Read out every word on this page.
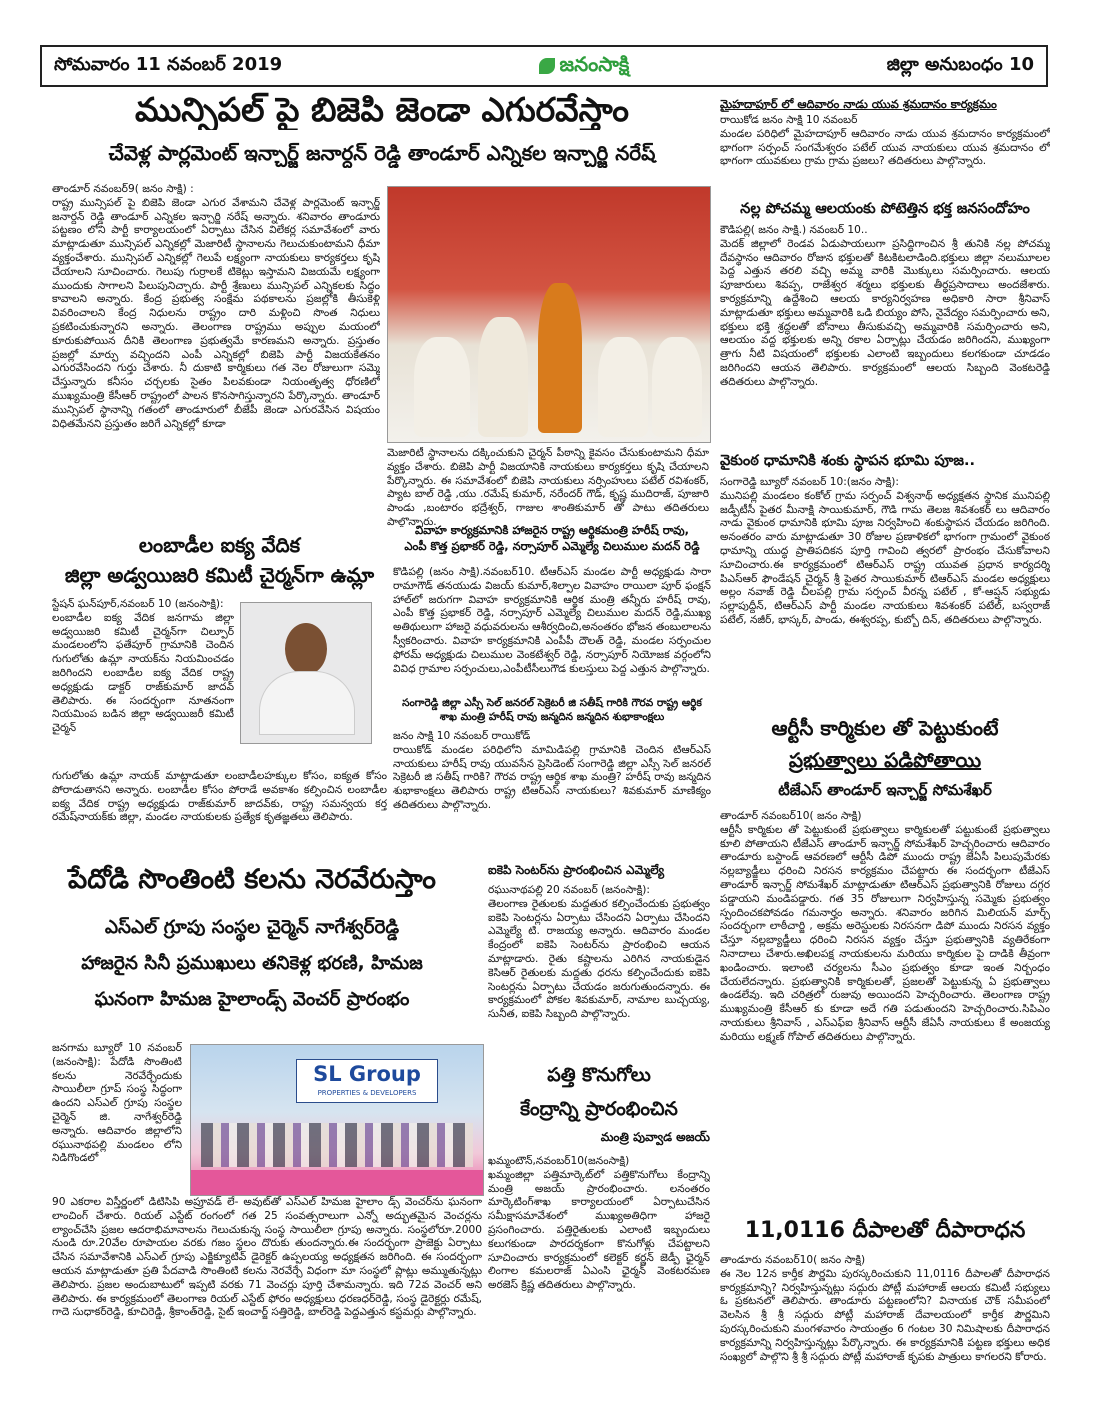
సోమవారం 11 నవంబర్ 2019	జనంసాక్షి	జిల్లా అనుబంధం 10

మున్సిపల్ పై బిజెపి జెండా ఎగురవేస్తాం

చేవెళ్ల పార్లమెంట్ ఇన్చార్జ్ జనార్దన్ రెడ్డి తాండూర్ ఎన్నికల ఇన్చార్జి నరేష్

తాండూర్ నవంబర్9( జనం సాక్షి) :

రాష్ట్ర మున్సిపల్ పై బిజెపి జెండా ఎగుర వేశామని చేవెళ్ల పార్లమెంట్ ఇన్చార్జ్ జనార్దన్ రెడ్డి తాండూర్ ఎన్నికల ఇన్చార్జి నరేష్ అన్నారు. శనివారం తాండూరు పట్టణం లోని పార్టీ కార్యాలయంలో ఏర్పాటు చేసిన విలేకర్ల సమావేశంలో వారు మాట్లాడుతూ మున్సిపల్ ఎన్నికల్లో మెజారిటీ స్థానాలను గెలుచుకుంటామని ధీమా వ్యక్తంచేశారు. మున్సిపల్ ఎన్నికల్లో గెలుపే లక్ష్యంగా నాయకులు కార్యకర్తలు కృషి చేయాలని సూచించారు. గెలుపు గుర్రాలకే టికెట్లు ఇస్తామని విజయమే లక్ష్యంగా ముందుకు సాగాలని పిలుపునిచ్చారు. పార్టీ శ్రేణులు మున్సిపల్ ఎన్నికలకు సిద్ధం కావాలని అన్నారు. కేంద్ర ప్రభుత్వ సంక్షేమ పథకాలను ప్రజల్లోకి తీసుకెళ్లి వివరించాలని కేంద్ర నిధులను రాష్ట్రం దారి మళ్లించి సొంత నిధులు ప్రకటించుకున్నారని అన్నారు. తెలంగాణ రాష్ట్రము అప్పుల మయంలో కూరుకుపోయిన దీనికి తెలంగాణ ప్రభుత్వమే కారణమని అన్నారు. ప్రస్తుతం ప్రజల్లో మార్పు వచ్చిందని ఎంపీ ఎన్నికల్లో బిజెపి పార్టీ విజయకేతనం ఎగురవేసిందని గుర్తు చేశారు. నీ దుకాటి కార్మికులు గత నెల రోజులుగా సమ్మె చేస్తున్నారు కనీసం చర్చలకు సైతం పిలవకుండా నియంతృత్వ ధోరణిలో ముఖ్యమంత్రి కేసీఆర్ రాష్ట్రంలో పాలన కొనసాగిస్తున్నారని పేర్కొన్నారు. తాండూర్ మున్సిపల్ స్థానాన్ని గతంలో తాండూరులో బీజేపీ జెండా ఎగురవేసిన విషయం విధితమేనని ప్రస్తుతం జరిగే ఎన్నికల్లో కూడా

మెజారిటీ స్థానాలను దక్కించుకుని చైర్మన్ పీఠాన్ని కైవసం చేసుకుంటామని ధీమా వ్యక్తం చేశారు. బిజెపి పార్టీ విజయానికి నాయకులు కార్యకర్తలు కృషి చేయాలని పేర్కొన్నారు. ఈ సమావేశంలో బిజెపి నాయకులు నర్సింహులు పటేల్ రవిశంకర్, ప్యాట బాల్ రెడ్డి ,యు .రమేష్ కుమార్, నరేందర్ గౌడ్, కృష్ణ ముదిరాజ్, పూజారి పాండు ,బంటారం భద్రేశ్వర్, గాజుల శాంతికుమార్ తో పాటు తదితరులు పాల్గొన్నారు.

లంబాడీల ఐక్య వేదిక

జిల్లా అడ్వయిజరి కమిటీ చైర్మన్‌గా ఉమ్లా

స్టేషన్ ఘన్‌పూర్,నవంబర్ 10 (జనంసాక్షి):

లంబాడీల ఐక్య వేదిక జనగామ జిల్లా అడ్వయిజరి కమిటీ చైర్మన్‌గా చిల్పూర్ మండలంలోని ఫతేపూర్ గ్రామానికి చెందిన గుగులోతు ఉమ్లా నాయక్‌ను నియమించడం జరిగిందని లంబాడీల ఐక్య వేదిక రాష్ట్ర అధ్యక్షుడు డాక్టర్ రాజ్‌కుమార్ జాదవ్ తెలిపారు. ఈ సందర్భంగా నూతనంగా నియమింప బడిన జిల్లా అడ్వయిజరీ కమిటీ చైర్మన్

గుగులోతు ఉమ్లా నాయక్ మాట్లాడుతూ లంబాడీలహక్కుల కోసం, ఐక్యత కోసం పోరాడుతానని అన్నారు. లంబాడీల కోసం పోరాడే అవకాశం కల్పించిన లంబాడీల ఐక్య వేదిక రాష్ట్ర అధ్యక్షుడు రాజ్‌కుమార్ జాదవ్‌కు, రాష్ట్ర సమన్వయ కర్త రమేష్‌నాయక్‌కు జిల్లా, మండల నాయకులకు ప్రత్యేక కృతజ్ఞతలు తెలిపారు.

వివాహ కార్యక్రమానికి హాజరైన రాష్ట్ర ఆర్థికమంత్రి హరీష్ రావు,

ఎంపీ కొత్త ప్రభాకర్ రెడ్డి, నర్సాపూర్ ఎమ్మెల్యే చిలుముల మదన్ రెడ్డి

కొడిపల్లి (జనం సాక్షి).నవంబర్10. టీఆర్ఎస్ మండల పార్టీ అధ్యక్షుడు సారా రామాగౌడ్ తనయుడు విజయ్ కుమార్,శిల్పాల వివాహం రాయిలా పూర్ ఫంక్షన్ హాల్‌లో జరుగగా వివాహ కార్యక్రమానికి ఆర్థిక మంత్రి తన్నీరు హరీష్ రావు, ఎంపీ కొత్త ప్రభాకర్ రెడ్డి, నర్సాపూర్ ఎమ్మెల్యే చిలుముల మదన్ రెడ్డి,ముఖ్య అతిథులుగా హాజరై వధువరులను ఆశీర్వదించి,అనంతరం భోజన తంబులాలను స్వీకరించారు. వివాహ కార్యక్రమానికి ఎంపీపీ దౌలత్ రెడ్డి, మండల సర్పంచుల ఫోరమ్ అధ్యక్షుడు చిలుముల వెంకటేశ్వర్ రెడ్డి, నర్సాపూర్ నియోజక వర్గంలోని వివిధ గ్రామాల సర్పంచులు,ఎంపీటీసీలుగౌడ కులస్తులు పెద్ద ఎత్తున పాల్గొన్నారు.

సంగారెడ్డి జిల్లా ఎస్సీ సెల్ జనరల్ సెక్రెటరీ జి సతీష్ గారికి గౌరవ రాష్ట్ర ఆర్థిక శాఖ మంత్రి హరీష్ రావు జన్మదిన జన్మదిన శుభాకాంక్షలు

జనం సాక్షి 10 నవంబర్ రాయికోడ్

రాయికోడ్ మండల పరిధిలోని మామిడిపల్లి గ్రామానికి చెందిన టిఆర్ఎస్ నాయకులు హరీష్ రావు యువసేన ప్రెసిడెంట్ సంగారెడ్డి జిల్లా ఎస్సీ సెల్ జనరల్ సెక్రెటరీ జి సతీష్ గారికి? గౌరవ రాష్ట్ర ఆర్థిక శాఖ మంత్రి? హరీష్ రావు జన్మదిన శుభాకాంక్షలు తెలిపారు రాష్ట్ర టిఆర్ఎస్ నాయకులు? శివకుమార్ మాణిక్యం తదితరులు పాల్గొన్నారు.

పేదోడి సొంతింటి కలను నెరవేరుస్తాం

ఎస్ఎల్ గ్రూపు సంస్థల చైర్మెన్ నాగేశ్వర్‌రెడ్డి

హాజరైన సినీ ప్రముఖులు తనికెళ్ల భరణి, హిమజ

ఘనంగా హిమజ హైలాండ్స్ వెంచర్ ప్రారంభం

జనగామ బ్యూరో 10 నవంబర్ (జనంసాక్షి): పేదోడి సొంతింటి కలను నెరవేర్చేందుకు సాయిలీలా గ్రూప్ సంస్థ సిద్ధంగా ఉందని ఎస్ఎల్ గ్రూపు సంస్థల చైర్మెన్ జి. నాగేశ్వర్‌రెడ్డి అన్నారు. ఆదివారం జిల్లాలోని రఘునాథపల్లి మండలం లోని నిడిగొండలో

SL Group
PROPERTIES & DEVELOPERS

90 ఎకరాల విస్తీర్ణంలో డిటిసిపి అప్రూవడ్ లే- అవుట్‌తో ఎస్ఎల్ హిమజ హైలాం డ్స్ వెంచర్‌ను ఘనంగా లాంచింగ్ చేశారు. రియల్ ఎస్టేట్ రంగంలో గత 25 సంవత్సరాలుగా ఎన్నో అద్భుతమైన వెంచర్లను ల్యాంచ్‌చేసి ప్రజల ఆదరాభిమానాలను గెలుచుకున్న సంస్థ సాయిలీలా గ్రూపు అన్నారు. సంస్థలోరూ.2000 నుండి రూ.20వేల రూపాయల వరకు గజం స్థలం దొరుకు తుందన్నారు.ఈ సందర్భంగా ప్రాజెక్టు ఏర్పాటు చేసిన సమావేశానికి ఎస్ఎల్ గ్రూపు ఎక్జిక్యూటివ్ డైరెక్టర్ ఉప్పలయ్య అధ్యక్షతన జరిగింది. ఈ సందర్భంగా ఆయన మాట్లాడుతూ ప్రతి పేదవాడి సొంతింటి కలను నెరవేర్చే విధంగా మా సంస్థలో ప్లాట్లు అమ్ముతున్నట్లు తెలిపారు. ప్రజల అందుబాటులో ఇప్పటి వరకు 71 వెంచర్లు పూర్తి చేశామన్నారు. ఇది 72వ వెంచర్ అని తెలిపారు. ఈ కార్యక్రమంలో తెలంగాణ రియల్ ఎస్టేట్ ఫోరం అధ్యక్షులు ధరణధర్‌రెడ్డి, సంస్థ డైరెక్టర్లు రమేష్, గాదె సుధాకర్‌రెడ్డి, కూచిరెడ్డి, శ్రీకాంత్‌రెడ్డి, సైట్ ఇంచార్జ్ సత్తిరెడ్డి, బాల్‌రెడ్డి పెద్దఎత్తున కస్టమర్లు పాల్గొన్నారు.

ఐకెపి సెంటర్‌ను ప్రారంభించిన ఎమ్మెల్యే

రఘునాథపల్లి 20 నవంబర్ (జనంసాక్షి):

తెలంగాణ రైతులకు మద్దతుర కల్పించేందుకు ప్రభుత్వం ఐకెపి సెంటర్లను ఏర్పాటు చేసిందని ఏర్పాటు చేసిందని ఎమ్మెల్యే టి. రాజయ్య అన్నారు. ఆదివారం మండల కేంద్రంలో ఐకెపి సెంటర్‌ను ప్రారంభించి ఆయన మాట్లాడారు. రైతు కష్టాలను ఎరిగిన నాయకుడైన కెసిఆర్ రైతులకు మద్దతు ధరను కల్పించేందుకు ఐకెపి సెంటర్లను ఏర్పాటు చేయడం జరుగుతుందన్నారు. ఈ కార్యక్రమంలో పోకల శివకుమార్, నామాల బుచ్చయ్య, సునీత, ఐకెపి సిబ్బంది పాల్గొన్నారు.

పత్తి కొనుగోలు

కేంద్రాన్ని ప్రారంభించిన

మంత్రి పువ్వాడ అజయ్

ఖమ్మంటౌన్,నవంబర్10(జనంసాక్షి)

ఖమ్మంజిల్లా పత్తిమార్కెట్‌లో పత్తికొనుగోలు కేంద్రాన్ని మంత్రి అజయ్ ప్రారంభించారు. లనంతరం మార్కెటింగ్‌శాఖ కార్యాలయంలో ఏర్పాటుచేసిన సమీక్షాసమావేశంలో ముఖ్యఅతిధిగా హాజరై ప్రసంగించారు. పత్తిరైతులకు ఎలాంటి ఇబ్బందులు కలుగకుండా పారదర్శకంగా కొనుగోళ్లు చేపట్టాలని సూచించారు కార్యక్రమంలో కలెక్టర్ కర్ణన్ జెడ్పీ ఛైర్మన్ లింగాల కమలరాజ్ ఏఎంసి ఛైర్మన్ వెంకటరమణ అరజెస్ క్రిష్ణ తదితరులు పాల్గొన్నారు.

మైహదాపూర్ లో ఆదివారం నాడు యువ శ్రమదానం కార్యక్రమం

రాయికోడ జనం సాక్షి 10 నవంబర్

మండల పరిధిలో మైహదాపూర్ ఆదివారం నాడు యువ శ్రమదానం కార్యక్రమంలో భాగంగా సర్పంచ్ సంగమేశ్వరం పటేల్ యువ నాయకులు యువ శ్రమదానం లో భాగంగా యువకులు గ్రామ గ్రామ ప్రజలు? తదితరులు పాల్గొన్నారు.

నల్ల పోచమ్మ ఆలయంకు పోటెత్తిన భక్త జనసందోహం

కౌడిపల్లి( జనం సాక్షి.) నవంబర్ 10..

మెదక్ జిల్లాలో రెండవ ఏడుపాయలుగా ప్రసిద్ధిగాంచిన శ్రీ తునికి నల్ల పోచమ్మ దేవస్థానం ఆదివారం రోజున భక్తులతో కిటకిటలాడింది.భక్తులు జిల్లా నలుమూలల పెద్ద ఎత్తున తరలి వచ్చి అమ్మ వారికి మొక్కులు సమర్పించారు. ఆలయ పూజారులు శివప్ప, రాజేశ్వర శర్మలు భక్తులకు తీర్థప్రసాదాలు అందజేశారు. కార్యక్రమాన్ని ఉద్దేశించి ఆలయ కార్యనిర్వహణ అధికారి సారా శ్రీనివాస్ మాట్లాడుతూ భక్తులు అమ్మవారికి ఒడి బియ్యం పోసి, నైవేద్యం సమర్పించారు అని, భక్తులు భక్తి శ్రద్ధలతో బోనాలు తీసుకువచ్చి అమ్మవారికి సమర్పించారు అని, ఆలయం వద్ద భక్తులకు అన్ని రకాల ఏర్పాట్లు చేయడం జరిగిందని, ముఖ్యంగా త్రాగు నీటి విషయంలో భక్తులకు ఎలాంటి ఇబ్బందులు కలగకుండా చూడడం జరిగిందని ఆయన తెలిపారు. కార్యక్రమంలో ఆలయ సిబ్బంది వెంకటరెడ్డి తదితరులు పాల్గొన్నారు.

వైకుంఠ ధామానికి శంకు స్థాపన భూమి పూజ..

సంగారెడ్డి బ్యూరో నవంబర్ 10:(జనం సాక్షి):

మునిపల్లి మండలం కంకోల్ గ్రామ సర్పంచ్ విశ్వనాథ్ అధ్యక్షతన స్థానిక మునిపల్లి జడ్పీటీసీ పైతర మీనాక్షి సాయికుమార్, గౌడి గామ తెలజ శివశంకర్ లు ఆదివారం నాడు వైకుంఠ ధామానికి భూమి పూజ నిర్వహించి శంకుస్థాపన చేయడం జరిగింది. అనంతరం వారు మాట్లాడుతూ 30 రోజుల ప్రణాళికలో భాగంగా గ్రామంలో వైకుంఠ ధామాన్ని యుద్ధ ప్రాతిపదికన పూర్తి గావించి త్వరలో ప్రారంభం చేసుకోవాలని సూచించారు.ఈ కార్యక్రమంలో టిఆర్ఎస్ రాష్ట్ర యువత ప్రధాన కార్యదర్శి పిఎస్ఆర్ ఫౌండేషన్ చైర్మన్ శ్రీ పైతర సాయికుమార్ టిఆర్ఎస్ మండల అధ్యక్షులు అల్లం నవాజ్ రెడ్డి చీలపల్లి గ్రామ సర్పంచ్ వీరన్న పటేల్ , కో-ఆప్షన్ సభ్యుడు సల్లాపుద్దీన్, టిఆర్ఎస్ పార్టీ మండల నాయకులు శివశంకర్ పటేల్, బస్వరాజ్ పటేల్, నజీర్, భాస్కర్, పాండు, ఈశ్వరప్ప, కుబ్బో దిన్, తదితరులు పాల్గొన్నారు.

ఆర్టీసీ కార్మికుల తో పెట్టుకుంటే

ప్రభుత్వాలు పడిపోతాయి

టీజేఎస్ తాండూర్ ఇన్చార్జ్ సోమశేఖర్

తాండూర్ నవంబర్10( జనం సాక్షి)

ఆర్టీసీ కార్మికుల తో పెట్టుకుంటే ప్రభుత్వాలు కార్మికులతో పట్టుకుంటే ప్రభుత్వాలు కూలి పోతాయని టీజేఎస్ తాండూర్ ఇన్చార్జ్ సోమశేఖర్ హెచ్చరించారు ఆదివారం తాండూరు బస్టాండ్ ఆవరణలో ఆర్టీసీ డిపో ముందు రాష్ట్ర జేఏసీ పిలుపుమేరకు నల్లబ్యాడ్జీలు ధరించి నిరసన కార్యక్రమం చేపట్టారు ఈ సందర్భంగా టీజేఎస్ తాండూర్ ఇన్చార్జ్ సోమశేఖర్ మాట్లాడుతూ టిఆర్ఎస్ ప్రభుత్వానికి రోజులు దగ్గర పడ్డాయని మండిపడ్డారు. గత 35 రోజులుగా నిర్వహిస్తున్న సమ్మెకు ప్రభుత్వం స్పందించకపోవడం గమనార్హం అన్నారు. శనివారం జరిగిన మిలియన్ మార్చ్ సందర్భంగా లాఠీచార్జి , అక్రమ అరెస్టులకు నిరసనగా డిపో ముందు నిరసన వ్యక్తం చేస్తూ నల్లబ్యాడ్జీలు ధరించి నిరసన వ్యక్తం చేస్తూ ప్రభుత్వానికి వ్యతిరేకంగా నినాదాలు చేశారు.అఖిలపక్ష నాయకులను మరియు కార్మికుల పై దాడికి తీవ్రంగా ఖండించారు. ఇలాంటి చర్యలను సీఎం ప్రభుత్వం కూడా ఇంత నిర్బంధం చేయలేదన్నారు. ప్రభుత్వానికి కార్మికులతో, ప్రజలతో పెట్టుకున్న ఏ ప్రభుత్వాలు ఉండలేవు. ఇది చరిత్రలో రుజువు అయిందని హెచ్చరించారు. తెలంగాణ రాష్ట్ర ముఖ్యమంత్రి కేసీఆర్ కు కూడా అదే గతి పడుతుందని హెచ్చరించారు.సిపిఎం నాయకులు శ్రీనివాస్ , ఎస్ఎఫ్ఐ శ్రీనివాస్ ఆర్టీసీ జేఏసీ నాయకులు కే అంజయ్య మరియు లక్ష్మణ్ గోపాల్ తదితరులు పాల్గొన్నారు.

11,0116 దీపాలతో దీపారాధన

తాండూరు నవంబర్10( జనం సాక్షి)

ఈ నెల 12న కార్తీక పౌర్ణమి పురస్కరించుకుని 11,0116 దీపాలతో దీపారాధన కార్యక్రమాన్ని? నిర్వహిస్తున్నట్లు సద్గురు పోట్లీ మహారాజ్ ఆలయ కమిటీ సభ్యులు ఓ ప్రకటనలో తెలిపారు. తాండూరు పట్టణంలోని? వినాయక చౌక్ సమీపంలో వెలసిన శ్రీ శ్రీ సద్గురు పోట్లీ మహారాజ్ దేవాలయంలో కార్తీక పౌర్ణమిని పురస్కరించుకుని మంగళవారం సాయంత్రం 6 గంటల 30 నిమిషాలకు దీపారాధన కార్యక్రమాన్ని నిర్వహిస్తున్నట్లు పేర్కొన్నారు. ఈ కార్యక్రమానికి పట్టణ భక్తులు అధిక సంఖ్యలో పాల్గొని శ్రీ శ్రీ సద్గురు పోట్లీ మహారాజ్ కృపకు పాత్రులు కాగలరని కోరారు.
